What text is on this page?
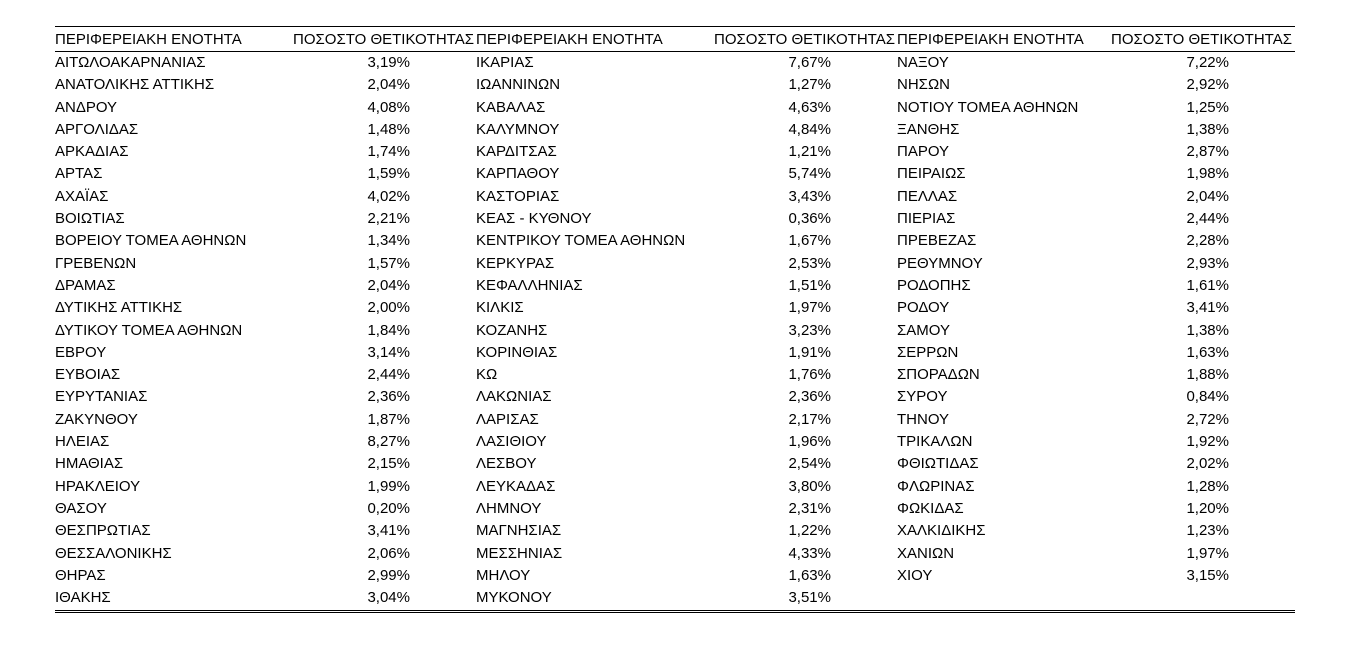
ΠΕΡΙΦΕΡΕΙΑΚΗ ΕΝΟΤΗΤΑ	ΠΟΣΟΣΤΟ ΘΕΤΙΚΟΤΗΤΑΣ	ΠΕΡΙΦΕΡΕΙΑΚΗ ΕΝΟΤΗΤΑ	ΠΟΣΟΣΤΟ ΘΕΤΙΚΟΤΗΤΑΣ	ΠΕΡΙΦΕΡΕΙΑΚΗ ΕΝΟΤΗΤΑ	ΠΟΣΟΣΤΟ ΘΕΤΙΚΟΤΗΤΑΣ
ΑΙΤΩΛΟΑΚΑΡΝΑΝΙΑΣ	3,19%	ΙΚΑΡΙΑΣ	7,67%	ΝΑΞΟΥ	7,22%
ΑΝΑΤΟΛΙΚΗΣ ΑΤΤΙΚΗΣ	2,04%	ΙΩΑΝΝΙΝΩΝ	1,27%	ΝΗΣΩΝ	2,92%
ΑΝΔΡΟΥ	4,08%	ΚΑΒΑΛΑΣ	4,63%	ΝΟΤΙΟΥ ΤΟΜΕΑ ΑΘΗΝΩΝ	1,25%
ΑΡΓΟΛΙΔΑΣ	1,48%	ΚΑΛΥΜΝΟΥ	4,84%	ΞΑΝΘΗΣ	1,38%
ΑΡΚΑΔΙΑΣ	1,74%	ΚΑΡΔΙΤΣΑΣ	1,21%	ΠΑΡΟΥ	2,87%
ΑΡΤΑΣ	1,59%	ΚΑΡΠΑΘΟΥ	5,74%	ΠΕΙΡΑΙΩΣ	1,98%
ΑΧΑΪΑΣ	4,02%	ΚΑΣΤΟΡΙΑΣ	3,43%	ΠΕΛΛΑΣ	2,04%
ΒΟΙΩΤΙΑΣ	2,21%	ΚΕΑΣ - ΚΥΘΝΟΥ	0,36%	ΠΙΕΡΙΑΣ	2,44%
ΒΟΡΕΙΟΥ ΤΟΜΕΑ ΑΘΗΝΩΝ	1,34%	ΚΕΝΤΡΙΚΟΥ ΤΟΜΕΑ ΑΘΗΝΩΝ	1,67%	ΠΡΕΒΕΖΑΣ	2,28%
ΓΡΕΒΕΝΩΝ	1,57%	ΚΕΡΚΥΡΑΣ	2,53%	ΡΕΘΥΜΝΟΥ	2,93%
ΔΡΑΜΑΣ	2,04%	ΚΕΦΑΛΛΗΝΙΑΣ	1,51%	ΡΟΔΟΠΗΣ	1,61%
ΔΥΤΙΚΗΣ ΑΤΤΙΚΗΣ	2,00%	ΚΙΛΚΙΣ	1,97%	ΡΟΔΟΥ	3,41%
ΔΥΤΙΚΟΥ ΤΟΜΕΑ ΑΘΗΝΩΝ	1,84%	ΚΟΖΑΝΗΣ	3,23%	ΣΑΜΟΥ	1,38%
ΕΒΡΟΥ	3,14%	ΚΟΡΙΝΘΙΑΣ	1,91%	ΣΕΡΡΩΝ	1,63%
ΕΥΒΟΙΑΣ	2,44%	ΚΩ	1,76%	ΣΠΟΡΑΔΩΝ	1,88%
ΕΥΡΥΤΑΝΙΑΣ	2,36%	ΛΑΚΩΝΙΑΣ	2,36%	ΣΥΡΟΥ	0,84%
ΖΑΚΥΝΘΟΥ	1,87%	ΛΑΡΙΣΑΣ	2,17%	ΤΗΝΟΥ	2,72%
ΗΛΕΙΑΣ	8,27%	ΛΑΣΙΘΙΟΥ	1,96%	ΤΡΙΚΑΛΩΝ	1,92%
ΗΜΑΘΙΑΣ	2,15%	ΛΕΣΒΟΥ	2,54%	ΦΘΙΩΤΙΔΑΣ	2,02%
ΗΡΑΚΛΕΙΟΥ	1,99%	ΛΕΥΚΑΔΑΣ	3,80%	ΦΛΩΡΙΝΑΣ	1,28%
ΘΑΣΟΥ	0,20%	ΛΗΜΝΟΥ	2,31%	ΦΩΚΙΔΑΣ	1,20%
ΘΕΣΠΡΩΤΙΑΣ	3,41%	ΜΑΓΝΗΣΙΑΣ	1,22%	ΧΑΛΚΙΔΙΚΗΣ	1,23%
ΘΕΣΣΑΛΟΝΙΚΗΣ	2,06%	ΜΕΣΣΗΝΙΑΣ	4,33%	ΧΑΝΙΩΝ	1,97%
ΘΗΡΑΣ	2,99%	ΜΗΛΟΥ	1,63%	ΧΙΟΥ	3,15%
ΙΘΑΚΗΣ	3,04%	ΜΥΚΟΝΟΥ	3,51%		
